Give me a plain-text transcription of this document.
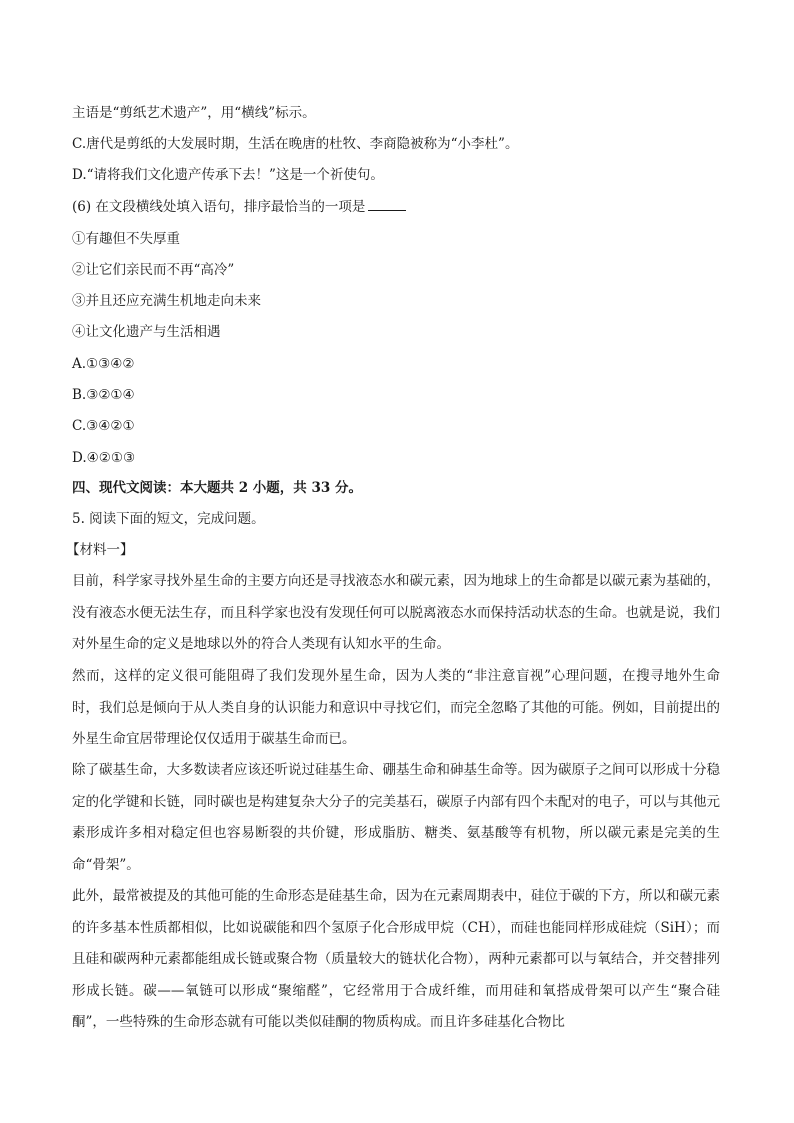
主语是“剪纸艺术遗产”，用“横线”标示。
C.唐代是剪纸的大发展时期，生活在晚唐的杜牧、李商隐被称为“小李杜”。
D.“请将我们文化遗产传承下去！”这是一个祈使句。
(6) 在文段横线处填入语句，排序最恰当的一项是
①有趣但不失厚重
②让它们亲民而不再“高冷”
③并且还应充满生机地走向未来
④让文化遗产与生活相遇
A.①③④②
B.③②①④
C.③④②①
D.④②①③
四、现代文阅读：本大题共 2 小题，共 33 分。
5. 阅读下面的短文，完成问题。
【材料一】
目前，科学家寻找外星生命的主要方向还是寻找液态水和碳元素，因为地球上的生命都是以碳元素为基础的，没有液态水便无法生存，而且科学家也没有发现任何可以脱离液态水而保持活动状态的生命。也就是说，我们对外星生命的定义是地球以外的符合人类现有认知水平的生命。
然而，这样的定义很可能阻碍了我们发现外星生命，因为人类的“非注意盲视”心理问题，在搜寻地外生命时，我们总是倾向于从人类自身的认识能力和意识中寻找它们，而完全忽略了其他的可能。例如，目前提出的外星生命宜居带理论仅仅适用于碳基生命而已。
除了碳基生命，大多数读者应该还听说过硅基生命、硼基生命和砷基生命等。因为碳原子之间可以形成十分稳定的化学键和长链，同时碳也是构建复杂大分子的完美基石，碳原子内部有四个未配对的电子，可以与其他元素形成许多相对稳定但也容易断裂的共价键，形成脂肪、糖类、氨基酸等有机物，所以碳元素是完美的生命“骨架”。
此外，最常被提及的其他可能的生命形态是硅基生命，因为在元素周期表中，硅位于碳的下方，所以和碳元素的许多基本性质都相似，比如说碳能和四个氢原子化合形成甲烷（CH），而硅也能同样形成硅烷（SiH）；而且硅和碳两种元素都能组成长链或聚合物（质量较大的链状化合物），两种元素都可以与氧结合，并交替排列形成长链。碳——氧链可以形成“聚缩醛”，它经常用于合成纤维，而用硅和氧搭成骨架可以产生“聚合硅酮”，一些特殊的生命形态就有可能以类似硅酮的物质构成。而且许多硅基化合物比
